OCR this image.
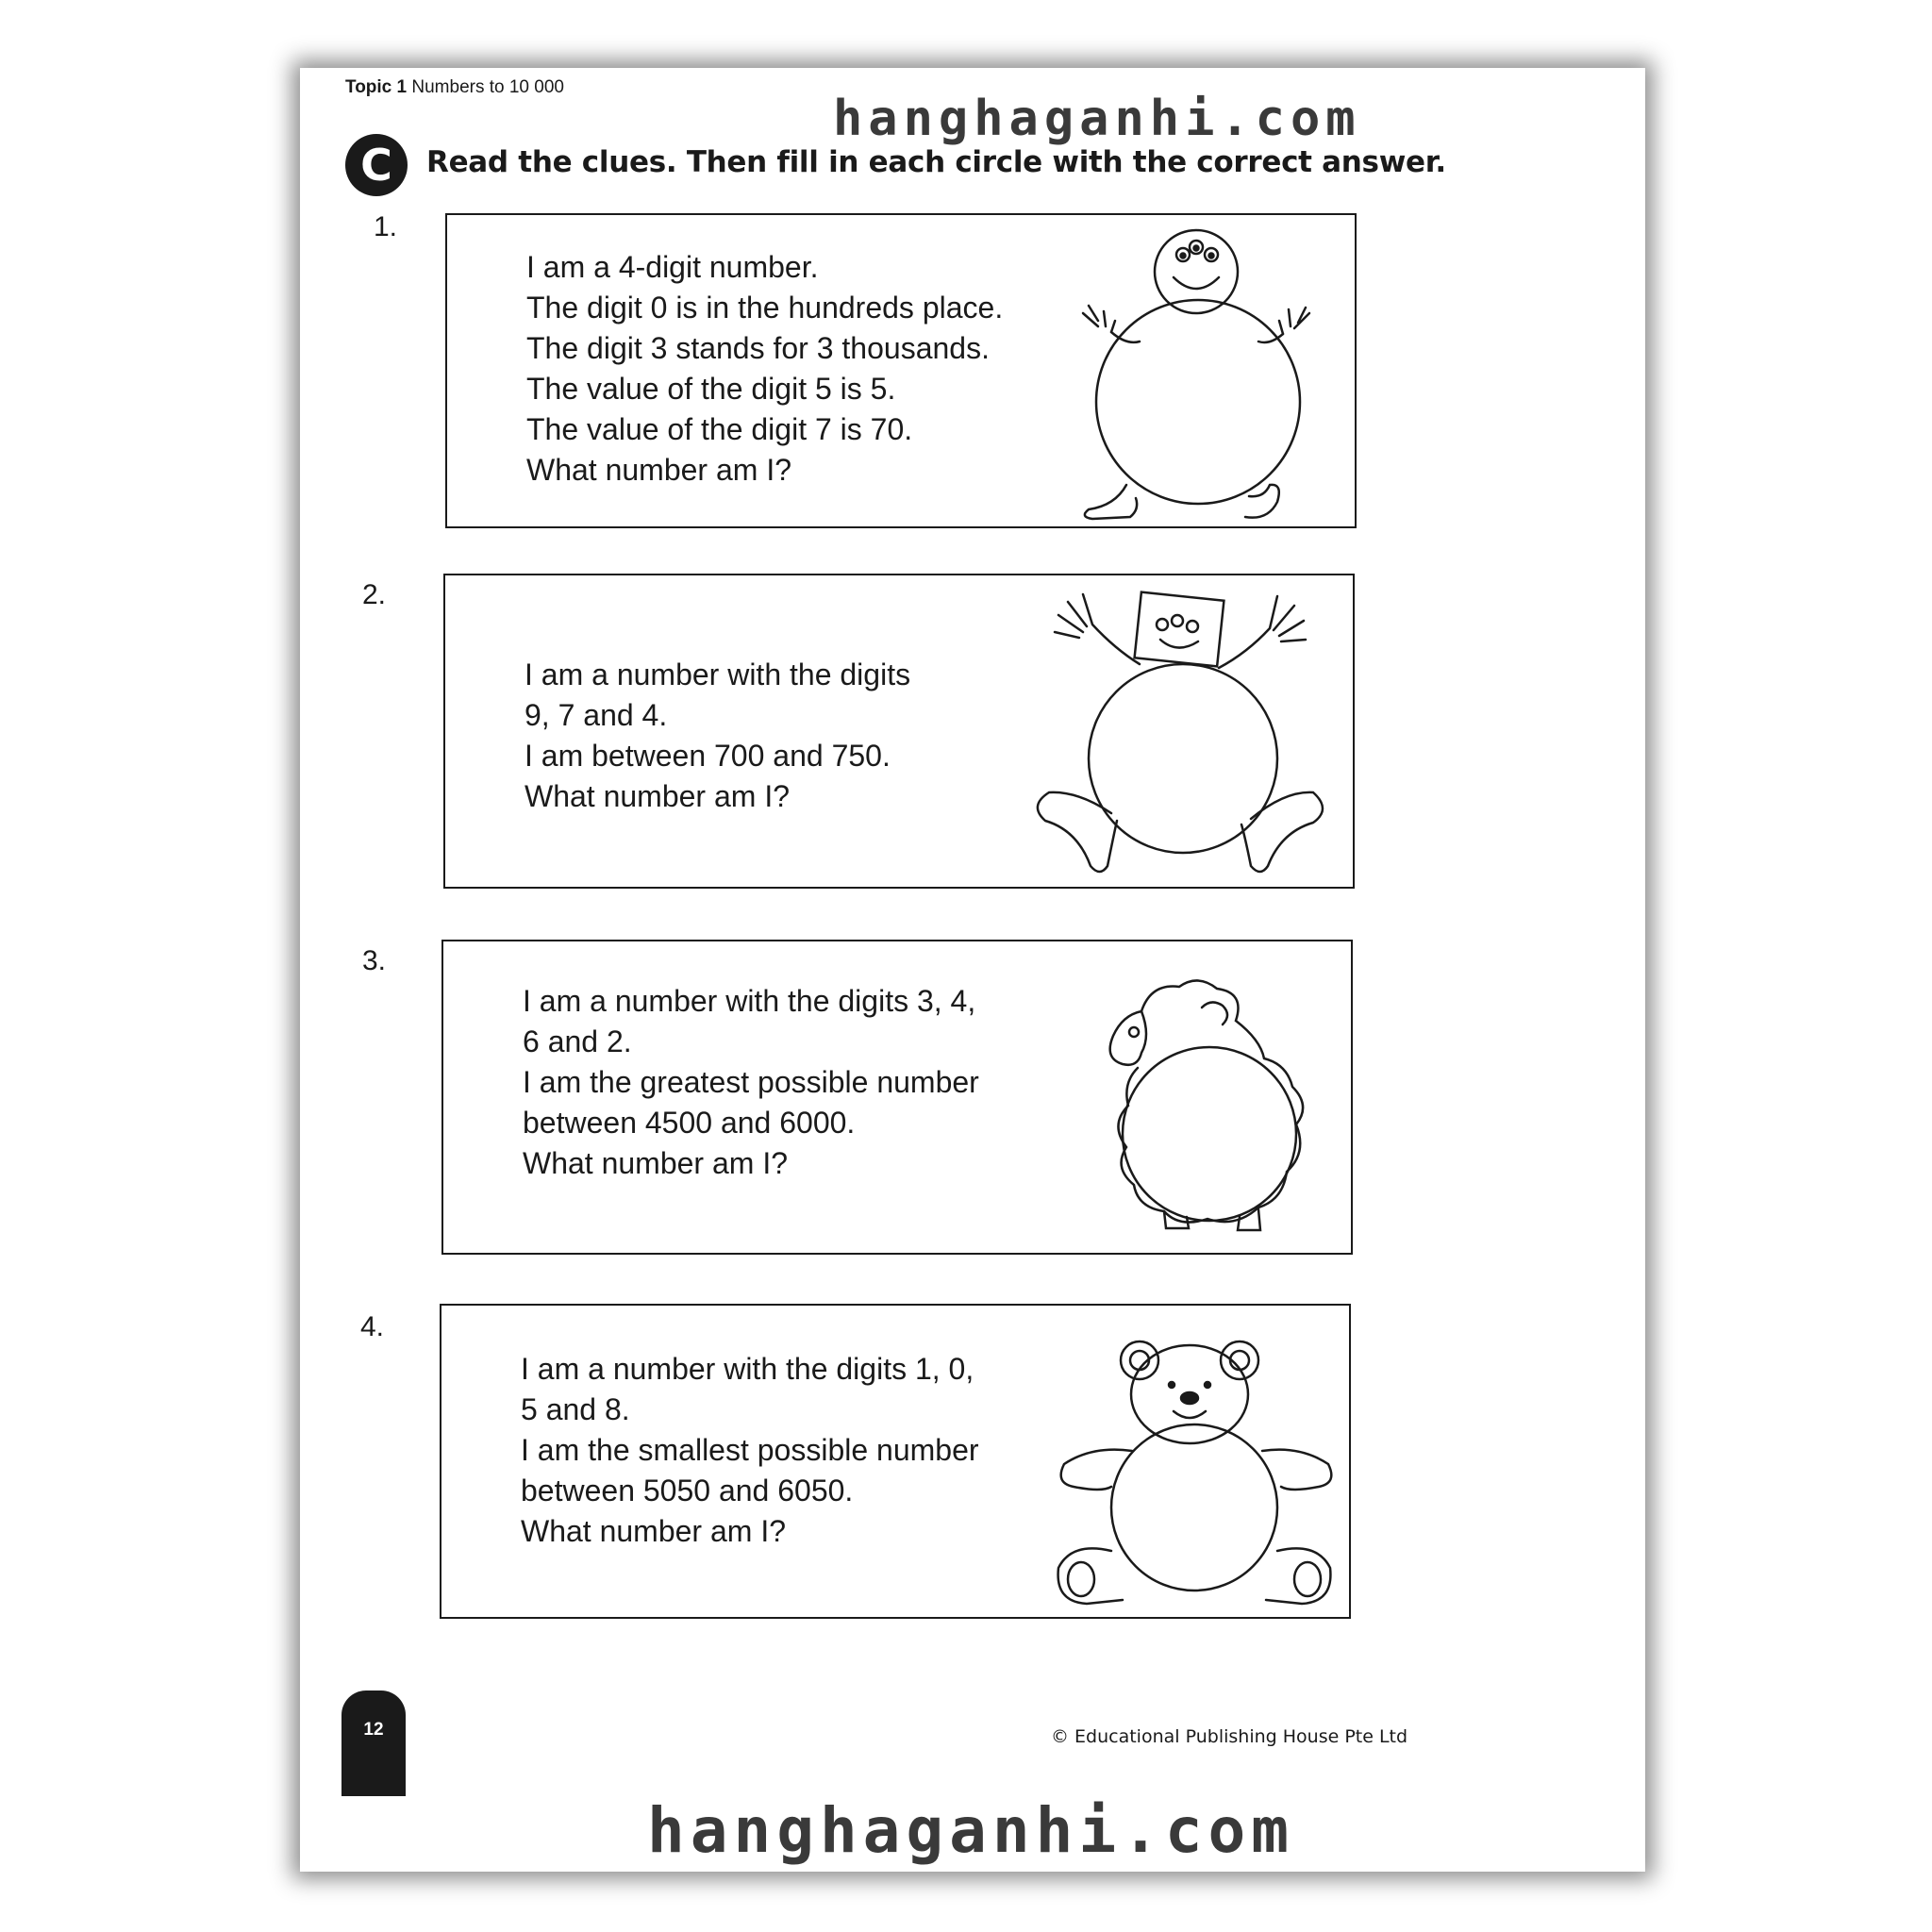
Topic 1 Numbers to 10 000
hanghaganhi.com
C	Read the clues. Then fill in each circle with the correct answer.
1.
I am a 4-digit number.
The digit 0 is in the hundreds place.
The digit 3 stands for 3 thousands.
The value of the digit 5 is 5.
The value of the digit 7 is 70.
What number am I?
2.
I am a number with the digits
9, 7 and 4.
I am between 700 and 750.
What number am I?
3.
I am a number with the digits 3, 4,
6 and 2.
I am the greatest possible number
between 4500 and 6000.
What number am I?
4.
I am a number with the digits 1, 0,
5 and 8.
I am the smallest possible number
between 5050 and 6050.
What number am I?
12	© Educational Publishing House Pte Ltd
hanghaganhi.com
